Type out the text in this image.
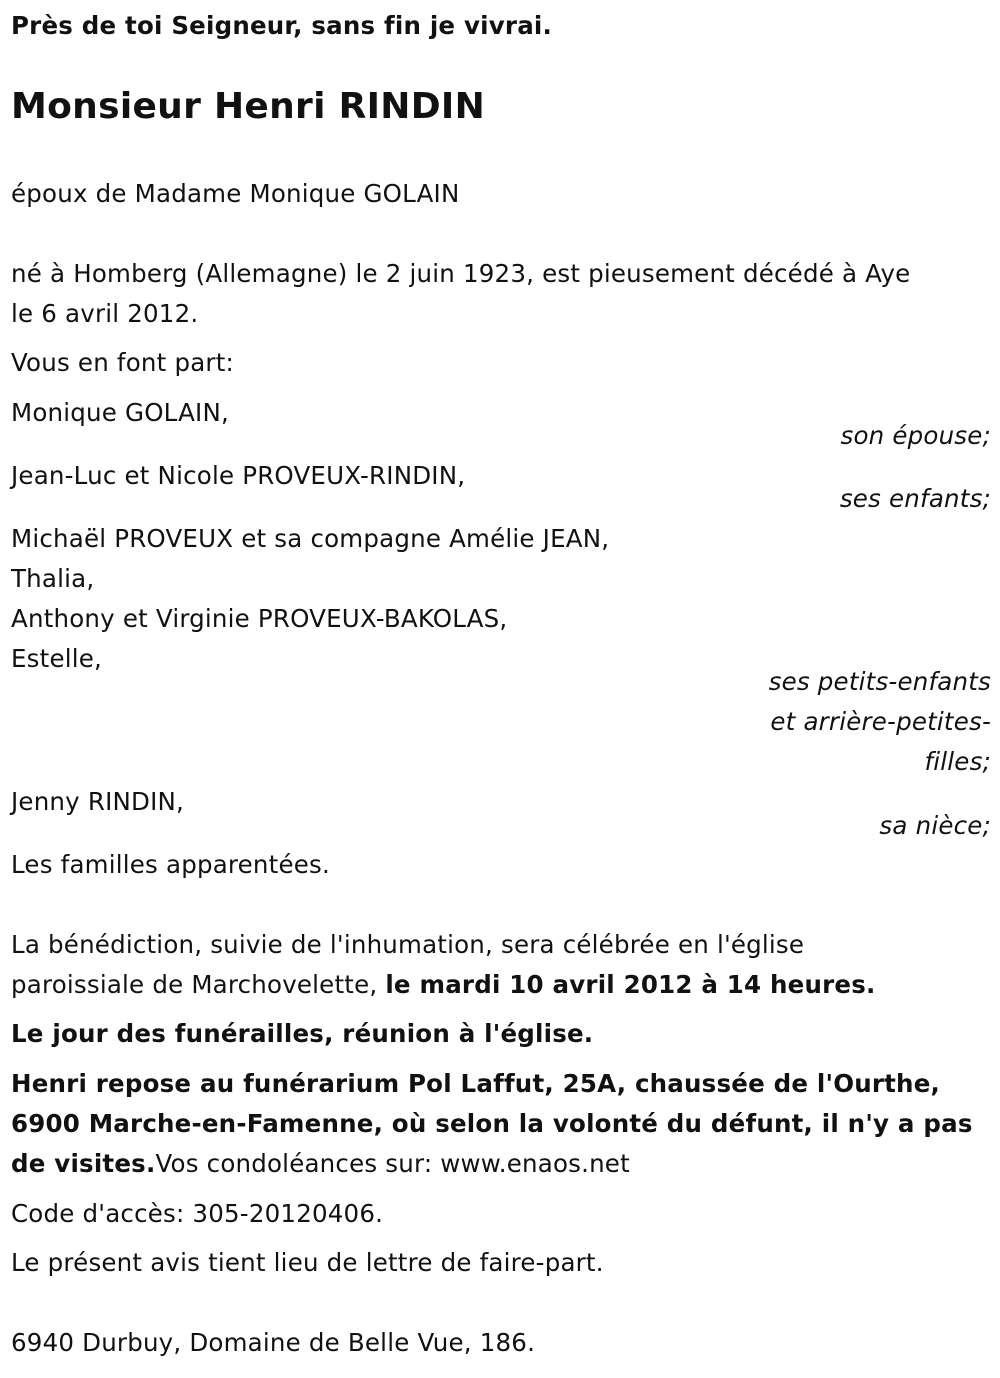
Près de toi Seigneur, sans fin je vivrai.
Monsieur Henri RINDIN
époux de Madame Monique GOLAIN
né à Homberg (Allemagne) le 2 juin 1923, est pieusement décédé à Aye
le 6 avril 2012.
Vous en font part:
Monique GOLAIN,
son épouse;
Jean-Luc et Nicole PROVEUX-RINDIN,
ses enfants;
Michaël PROVEUX et sa compagne Amélie JEAN,
Thalia,
Anthony et Virginie PROVEUX-BAKOLAS,
Estelle,
ses petits-enfants
et arrière-petites-
filles;
Jenny RINDIN,
sa nièce;
Les familles apparentées.
La bénédiction, suivie de l'inhumation, sera célébrée en l'église
paroissiale de Marchovelette, le mardi 10 avril 2012 à 14 heures.
Le jour des funérailles, réunion à l'église.
Henri repose au funérarium Pol Laffut, 25A, chaussée de l'Ourthe,
6900 Marche-en-Famenne, où selon la volonté du défunt, il n'y a pas
de visites.Vos condoléances sur: www.enaos.net
Code d'accès: 305-20120406.
Le présent avis tient lieu de lettre de faire-part.
6940 Durbuy, Domaine de Belle Vue, 186.
